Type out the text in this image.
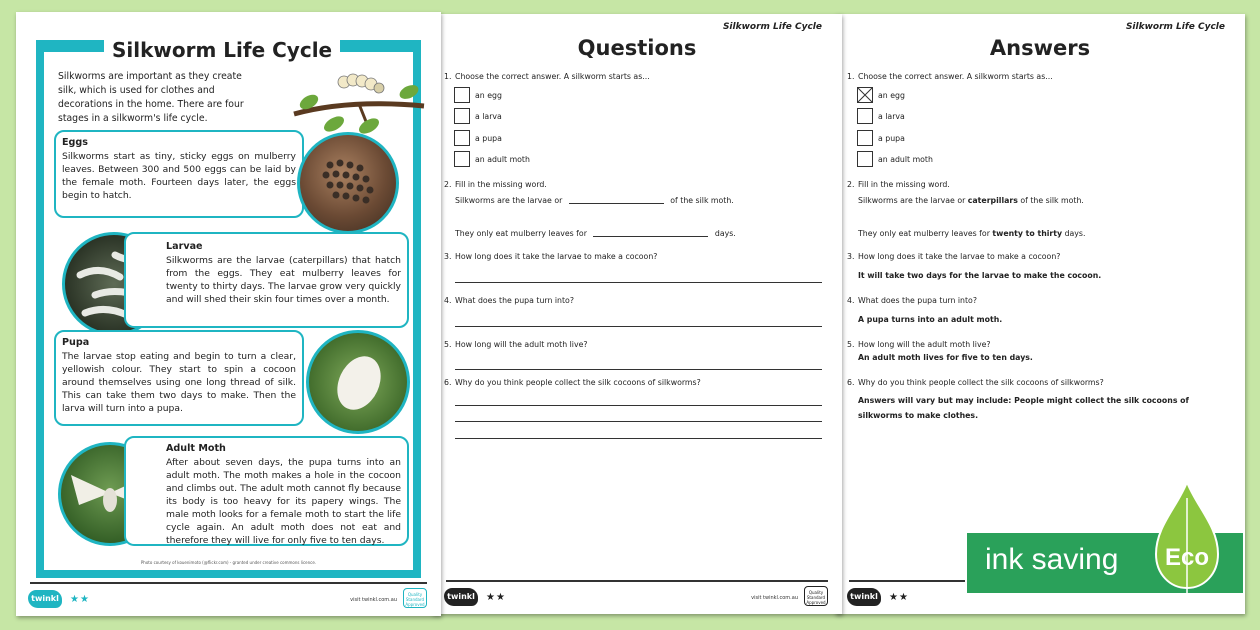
Silkworm Life Cycle

Silkworms are important as they create silk, which is used for clothes and decorations in the home. There are four stages in a silkworm's life cycle.

Eggs

Silkworms start as tiny, sticky eggs on mulberry leaves. Between 300 and 500 eggs can be laid by the female moth. Fourteen days later, the eggs begin to hatch.

Larvae

Silkworms are the larvae (caterpillars) that hatch from the eggs. They eat mulberry leaves for twenty to thirty days. The larvae grow very quickly and will shed their skin four times over a month.

Pupa

The larvae stop eating and begin to turn a clear, yellowish colour. They start to spin a cocoon around themselves using one long thread of silk. This can take them two days to make. Then the larva will turn into a pupa.

Adult Moth

After about seven days, the pupa turns into an adult moth. The moth makes a hole in the cocoon and climbs out. The adult moth cannot fly because its body is too heavy for its papery wings. The male moth looks for a female moth to start the life cycle again. An adult moth does not eat and therefore they will live for only five to ten days.

Photo courtesy of kouenimoto (@flickr.com) - granted under creative commons licence.
twinkl	★★	visit twinkl.com.au
Quality Standard Approved
Silkworm Life Cycle
Questions
1. Choose the correct answer. A silkworm starts as...
an egg
a larva
a pupa
an adult moth
2. Fill in the missing word.
Silkworms are the larvae or	of the silk moth.
They only eat mulberry leaves for	days.
3. How long does it take the larvae to make a cocoon?
4. What does the pupa turn into?
5. How long will the adult moth live?
6. Why do you think people collect the silk cocoons of silkworms?
twinkl	★★	visit twinkl.com.au
Quality Standard Approved
Silkworm Life Cycle
Answers
1. Choose the correct answer. A silkworm starts as...
an egg
a larva
a pupa
an adult moth
2. Fill in the missing word.
Silkworms are the larvae or caterpillars of the silk moth.
They only eat mulberry leaves for twenty to thirty days.
3. How long does it take the larvae to make a cocoon?
It will take two days for the larvae to make the cocoon.
4. What does the pupa turn into?
A pupa turns into an adult moth.
5. How long will the adult moth live?
An adult moth lives for five to ten days.
6. Why do you think people collect the silk cocoons of silkworms?
Answers will vary but may include: People might collect the silk cocoons of silkworms to make clothes.
twinkl	★★
ink saving	Eco
